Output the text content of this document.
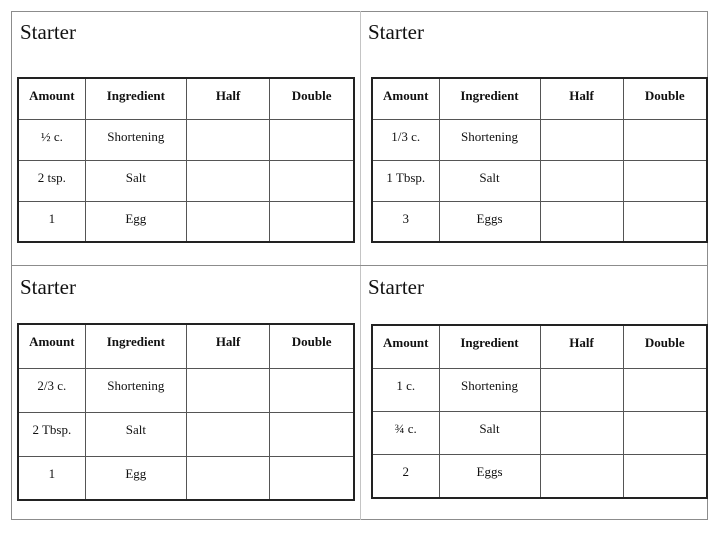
Starter
Amount	Ingredient	Half	Double
½ c.	Shortening		
2 tsp.	Salt		
1	Egg		
Starter
Amount	Ingredient	Half	Double
1/3 c.	Shortening		
1 Tbsp.	Salt		
3	Eggs		
Starter
Amount	Ingredient	Half	Double
2/3 c.	Shortening		
2 Tbsp.	Salt		
1	Egg		
Starter
Amount	Ingredient	Half	Double
1 c.	Shortening		
¾ c.	Salt		
2	Eggs		
